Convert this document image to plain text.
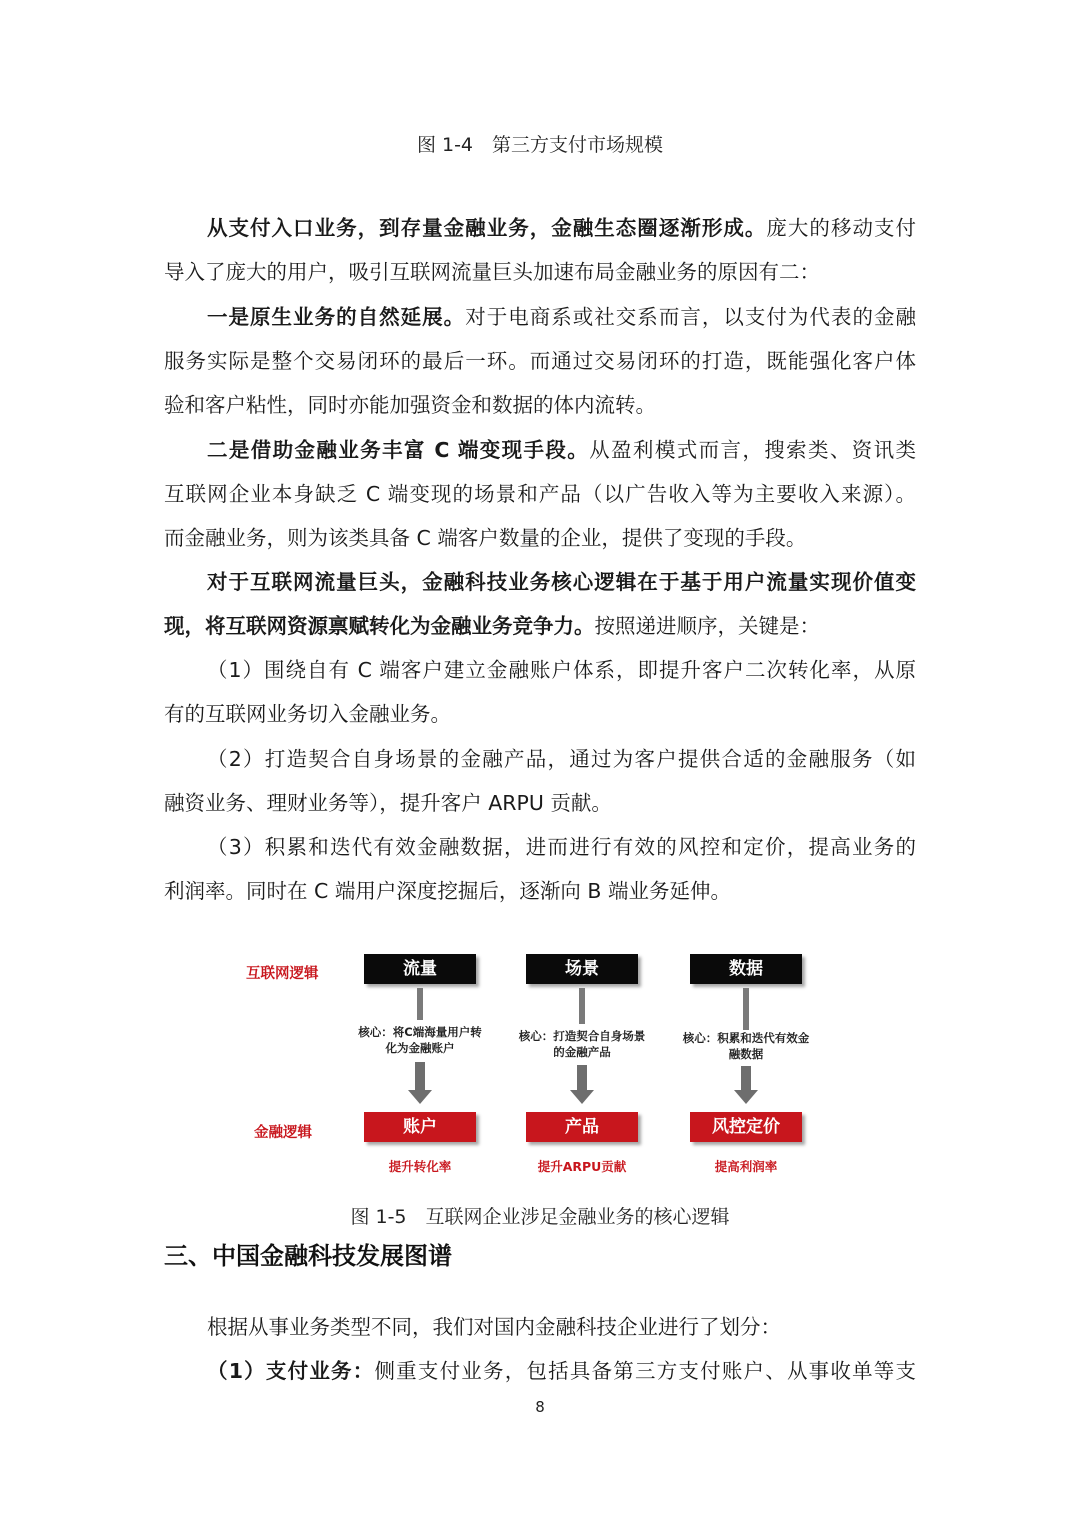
图 1-4　第三方支付市场规模
从支付入口业务，到存量金融业务，金融生态圈逐渐形成。庞大的移动支付
导入了庞大的用户，吸引互联网流量巨头加速布局金融业务的原因有二：
一是原生业务的自然延展。对于电商系或社交系而言，以支付为代表的金融
服务实际是整个交易闭环的最后一环。而通过交易闭环的打造，既能强化客户体
验和客户粘性，同时亦能加强资金和数据的体内流转。
二是借助金融业务丰富 C 端变现手段。从盈利模式而言，搜索类、资讯类
互联网企业本身缺乏 C 端变现的场景和产品（以广告收入等为主要收入来源）。
而金融业务，则为该类具备 C 端客户数量的企业，提供了变现的手段。
对于互联网流量巨头，金融科技业务核心逻辑在于基于用户流量实现价值变
现，将互联网资源禀赋转化为金融业务竞争力。按照递进顺序，关键是：
（1）围绕自有 C 端客户建立金融账户体系，即提升客户二次转化率，从原
有的互联网业务切入金融业务。
（2）打造契合自身场景的金融产品，通过为客户提供合适的金融服务（如
融资业务、理财业务等），提升客户 ARPU 贡献。
（3）积累和迭代有效金融数据，进而进行有效的风控和定价，提高业务的
利润率。同时在 C 端用户深度挖掘后，逐渐向 B 端业务延伸。
互联网逻辑
金融逻辑
流量
核心：将C端海量用户转化为金融账户
账户
提升转化率
场景
核心：打造契合自身场景的金融产品
产品
提升ARPU贡献
数据
核心：积累和迭代有效金融数据
风控定价
提高利润率
图 1-5　互联网企业涉足金融业务的核心逻辑
三、中国金融科技发展图谱
根据从事业务类型不同，我们对国内金融科技企业进行了划分：
（1）支付业务：侧重支付业务，包括具备第三方支付账户、从事收单等支
8
